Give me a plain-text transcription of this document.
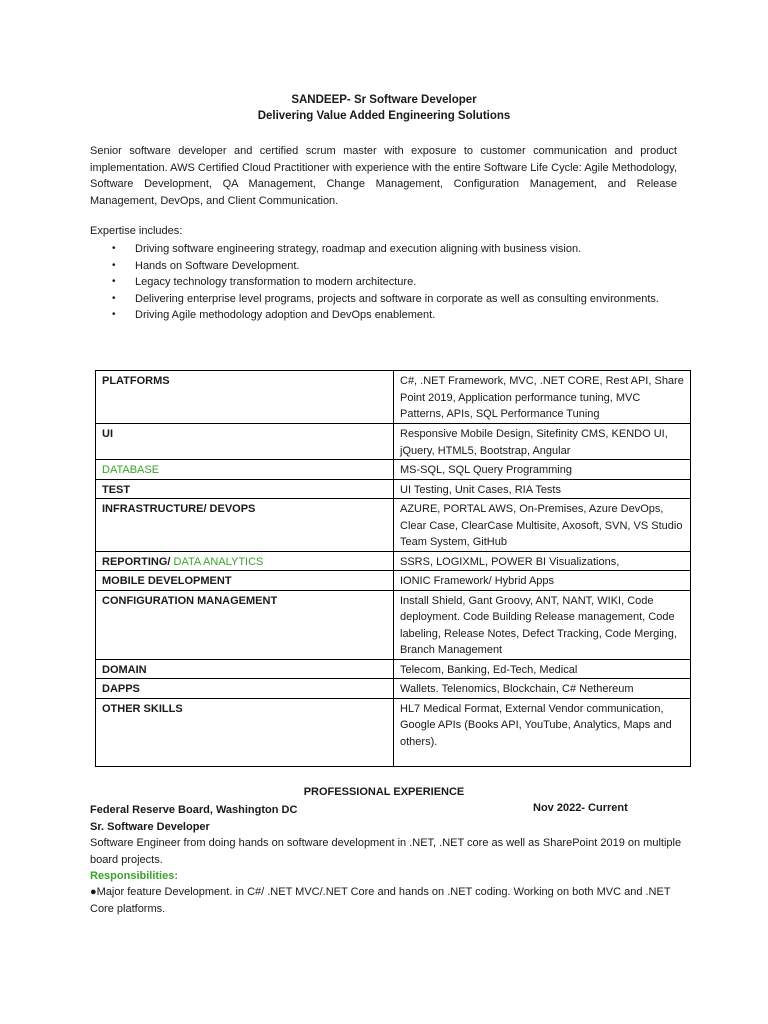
SANDEEP- Sr Software Developer
Delivering Value Added Engineering Solutions

Senior software developer and certified scrum master with exposure to customer communication and product implementation. AWS Certified Cloud Practitioner with experience with the entire Software Life Cycle: Agile Methodology, Software Development, QA Management, Change Management, Configuration Management, and Release Management, DevOps, and Client Communication.

Expertise includes:
• Driving software engineering strategy, roadmap and execution aligning with business vision.
• Hands on Software Development.
• Legacy technology transformation to modern architecture.
• Delivering enterprise level programs, projects and software in corporate as well as consulting environments.
• Driving Agile methodology adoption and DevOps enablement.
PLATFORMS	C#, .NET Framework, MVC, .NET CORE, Rest API, Share Point 2019, Application performance tuning, MVC Patterns, APIs, SQL Performance Tuning
UI	Responsive Mobile Design, Sitefinity CMS, KENDO UI, jQuery, HTML5, Bootstrap, Angular
DATABASE	MS-SQL, SQL Query Programming
TEST	UI Testing, Unit Cases, RIA Tests
INFRASTRUCTURE/ DEVOPS	AZURE, PORTAL AWS, On-Premises, Azure DevOps, Clear Case, ClearCase Multisite, Axosoft, SVN, VS Studio Team System, GitHub
REPORTING/ DATA ANALYTICS	SSRS, LOGIXML, POWER BI Visualizations,
MOBILE DEVELOPMENT	IONIC Framework/ Hybrid Apps
CONFIGURATION MANAGEMENT	Install Shield, Gant Groovy, ANT, NANT, WIKI, Code deployment. Code Building Release management, Code labeling, Release Notes, Defect Tracking, Code Merging, Branch Management
DOMAIN	Telecom, Banking, Ed-Tech, Medical
DAPPS	Wallets. Telenomics, Blockchain, C# Nethereum
OTHER SKILLS	HL7 Medical Format, External Vendor communication, Google APIs (Books API, YouTube, Analytics, Maps and others).
PROFESSIONAL EXPERIENCE
Federal Reserve Board, Washington DC	Nov 2022- Current
Sr. Software Developer
Software Engineer from doing hands on software development in .NET, .NET core as well as SharePoint 2019 on multiple board projects.
Responsibilities:
●Major feature Development. in C#/ .NET MVC/.NET Core and hands on .NET coding. Working on both MVC and .NET Core platforms.
